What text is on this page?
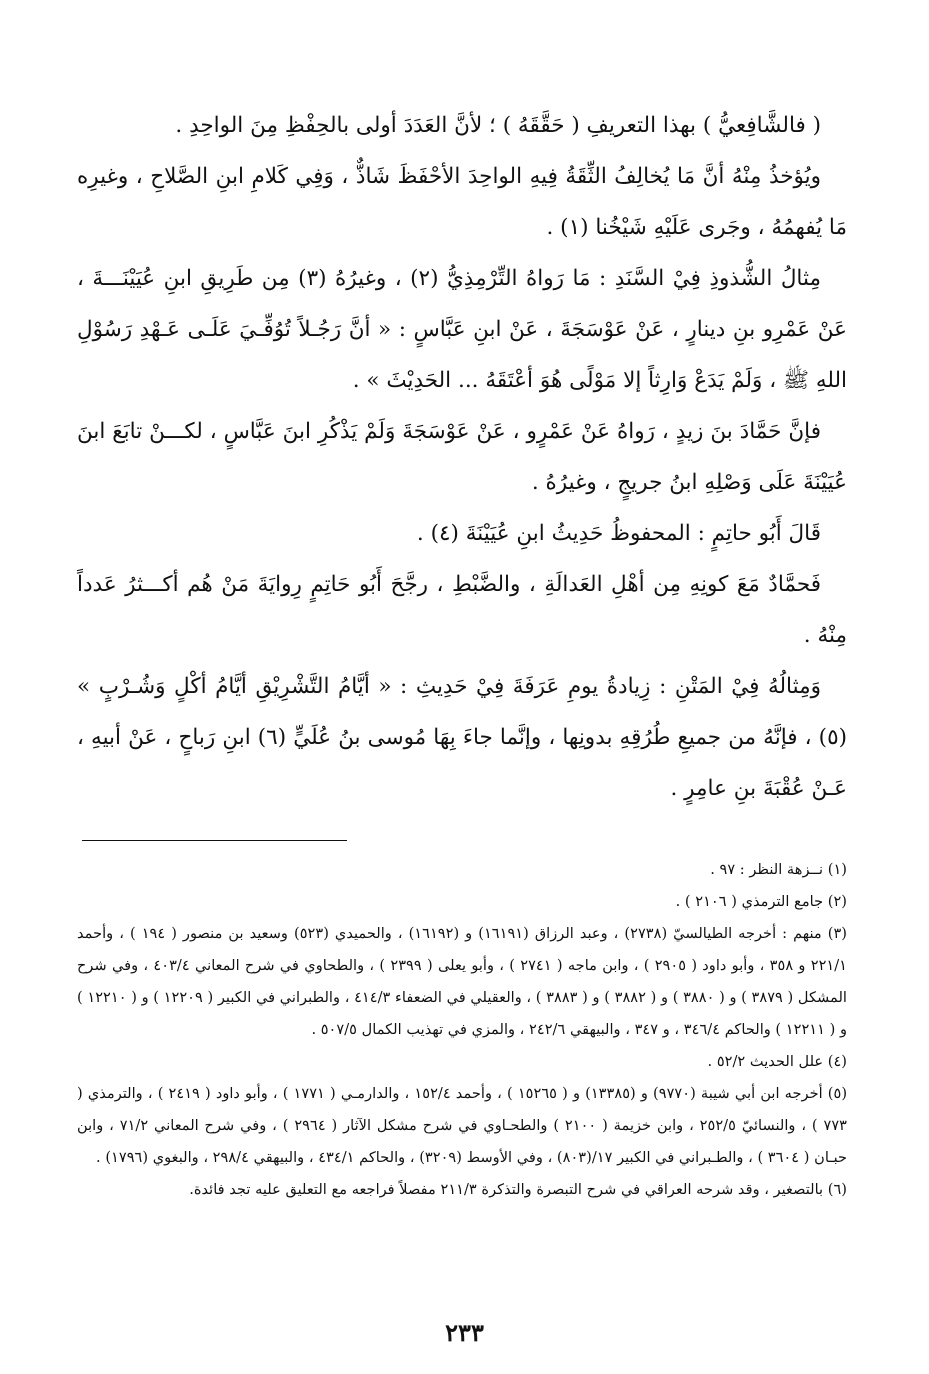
( فالشَّافِعيُّ ) بهذا التعريفِ ( حَقَّقَهُ ) ؛ لأنَّ العَدَدَ أولى بالحِفْظِ مِنَ الواحِدِ .

ويُؤخذُ مِنْهُ أنَّ مَا يُخالِفُ الثِّقَةُ فِيهِ الواحِدَ الأحْفَظَ شَاذٌّ ، وَفِي كَلامِ ابنِ الصَّلاحِ ، وغيرِه مَا يُفهمُهُ ، وجَرى عَلَيْهِ شَيْخُنا (١) .

مِثالُ الشُّذوذِ فِيْ السَّنَدِ : مَا رَواهُ التِّرْمِذِيُّ (٢) ، وغيرُهُ (٣) مِن طَرِيقِ ابنِ عُيَيْنَـــةَ ، عَنْ عَمْرِو بنِ دينارٍ ، عَنْ عَوْسَجَةَ ، عَنْ ابنِ عَبَّاسٍ : « أنَّ رَجُـلاً تُوُفِّـيَ عَلَـى عَـهْدِ رَسُوْلِ اللهِ ﷺ ، وَلَمْ يَدَعْ وَارِثاً إلا مَوْلًى هُوَ أعْتَقَهُ ... الحَدِيْثَ » .

فإنَّ حَمَّادَ بنَ زيدٍ ، رَواهُ عَنْ عَمْرٍو ، عَنْ عَوْسَجَةَ وَلَمْ يَذْكُرِ ابنَ عَبَّاسٍ ، لكـــنْ تابَعَ ابنَ عُيَيْنَةَ عَلَى وَصْلِهِ ابنُ جريجٍ ، وغيرُهُ .

قَالَ أَبُو حاتِمٍ : المحفوظُ حَدِيثُ ابنِ عُيَيْنَةَ (٤) .

فَحمَّادٌ مَعَ كونِهِ مِن أهْلِ العَدالَةِ ، والضَّبْطِ ، رجَّحَ أَبُو حَاتِمٍ رِوايَةَ مَنْ هُم أكـــثرُ عَدداً مِنْهُ .

وَمِثالُهُ فِيْ المَتْنِ : زِيادةُ يومِ عَرَفَةَ فِيْ حَدِيثِ : « أيَّامُ التَّشْرِيْقِ أيَّامُ أكْلٍ وَشُـرْبٍ » (٥) ، فإنَّهُ من جميعِ طُرُقِهِ بدونِها ، وإنَّما جاءَ بِهَا مُوسى بنُ عُلَيٍّ (٦) ابنِ رَباحٍ ، عَنْ أبيهِ ، عَـنْ عُقْبَةَ بنِ عامِرٍ .

(١) نــزهة النظر : ٩٧ .

(٢) جامع الترمذي ( ٢١٠٦ ) .

(٣) منهم : أخرجه الطيالسيّ (٢٧٣٨) ، وعبد الرزاق (١٦١٩١) و (١٦١٩٢) ، والحميدي (٥٢٣) وسعيد بن منصور ( ١٩٤ ) ، وأحمد ٢٢١/١ و ٣٥٨ ، وأبو داود ( ٢٩٠٥ ) ، وابن ماجه ( ٢٧٤١ ) ، وأبو يعلى ( ٢٣٩٩ ) ، والطحاوي في شرح المعاني ٤٠٣/٤ ، وفي شرح المشكل ( ٣٨٧٩ ) و ( ٣٨٨٠ ) و ( ٣٨٨٢ ) و ( ٣٨٨٣ ) ، والعقيلي في الضعفاء ٤١٤/٣ ، والطبراني في الكبير ( ١٢٢٠٩ ) و ( ١٢٢١٠ ) و ( ١٢٢١١ ) والحاكم ٣٤٦/٤ ، و ٣٤٧ ، والبيهقي ٢٤٢/٦ ، والمزي في تهذيب الكمال ٥٠٧/٥ .

(٤) علل الحديث ٥٢/٢ .

(٥) أخرجه ابن أبي شيبة (٩٧٧٠) و (١٣٣٨٥) و ( ١٥٢٦٥ ) ، وأحمد ١٥٢/٤ ، والدارمـي ( ١٧٧١ ) ، وأبو داود ( ٢٤١٩ ) ، والترمذي ( ٧٧٣ ) ، والنسائيّ ٢٥٢/٥ ، وابن خزيمة ( ٢١٠٠ ) والطحـاوي في شرح مشكل الآثار ( ٢٩٦٤ ) ، وفي شرح المعاني ٧١/٢ ، وابن حبـان ( ٣٦٠٤ ) ، والطـبراني في الكبير ١٧/(٨٠٣) ، وفي الأوسط (٣٢٠٩) ، والحاكم ٤٣٤/١ ، والبيهقي ٢٩٨/٤ ، والبغوي (١٧٩٦) .

(٦) بالتصغير ، وقد شرحه العراقي في شرح التبصرة والتذكرة ٢١١/٣ مفصلاً فراجعه مع التعليق عليه تجد فائدة.

٢٣٣
